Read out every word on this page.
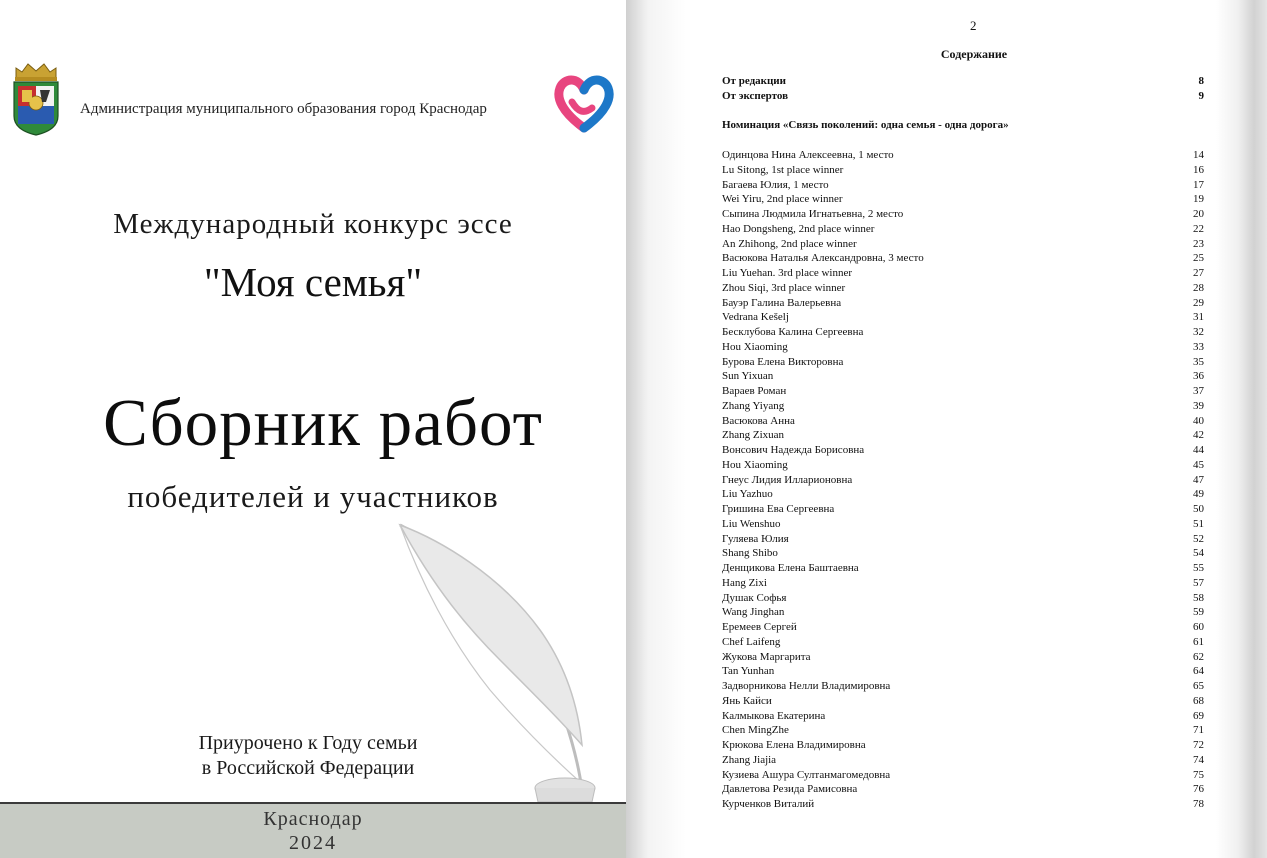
Администрация муниципального образования город Краснодар
Международный конкурс эссе
"Моя семья"
Сборник работ
победителей и участников
Приурочено к Году семьи
в Российской Федерации
Краснодар
2024
2
Содержание
От редакции	8
От экспертов	9
Номинация «Связь поколений: одна семья - одна дорога»
Одинцова Нина Алексеевна, 1 место	14
Lu Sitong, 1st place winner	16
Багаева Юлия, 1 место	17
Wei Yiru, 2nd place winner	19
Сыпина Людмила Игнатьевна, 2 место	20
Hao Dongsheng, 2nd place winner	22
An Zhihong, 2nd place winner	23
Васюкова Наталья Александровна, 3 место	25
Liu Yuehan. 3rd place winner	27
Zhou Siqi, 3rd place winner	28
Бауэр Галина Валерьевна	29
Vedrana Kešelj	31
Бесклубова Калина Сергеевна	32
Hou Xiaoming	33
Бурова Елена Викторовна	35
Sun Yixuan	36
Вараев Роман	37
Zhang Yiyang	39
Васюкова Анна	40
Zhang Zixuan	42
Вонсович Надежда Борисовна	44
Hou Xiaoming	45
Гнеус Лидия Илларионовна	47
Liu Yazhuo	49
Гришина Ева Сергеевна	50
Liu Wenshuo	51
Гуляева Юлия	52
Shang Shibo	54
Денщикова Елена Баштаевна	55
Hang Zixi	57
Душак Софья	58
Wang Jinghan	59
Еремеев Сергей	60
Chef Laifeng	61
Жукова Маргарита	62
Tan Yunhan	64
Задворникова Нелли Владимировна	65
Янь Кайси	68
Калмыкова Екатерина	69
Chen MingZhe	71
Крюкова Елена Владимировна	72
Zhang Jiajia	74
Кузиева Ашура Султанмагомедовна	75
Давлетова Резида Рамисовна	76
Курченков Виталий	78
